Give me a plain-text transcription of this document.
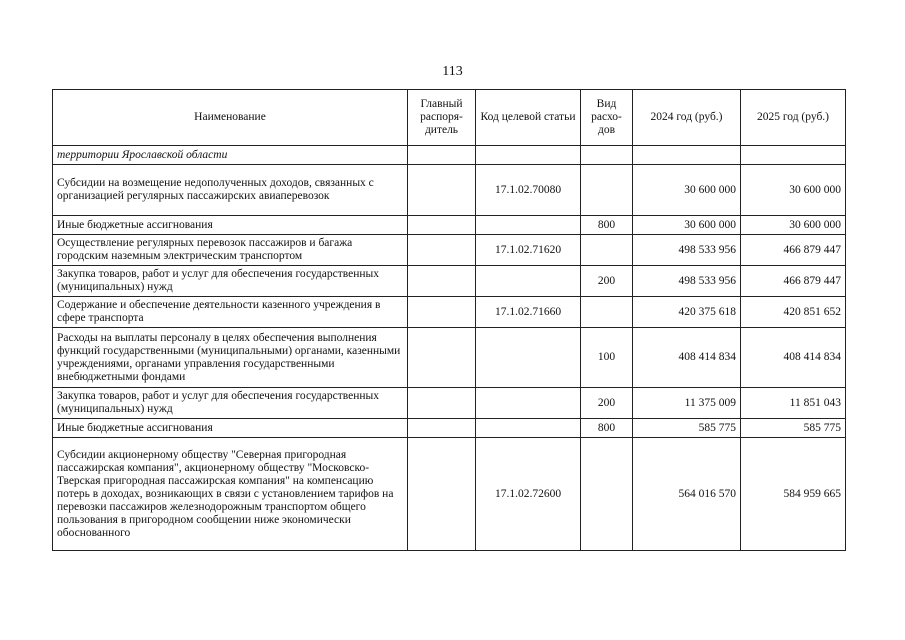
113
Наименование	Главный распоря-дитель	Код целевой статьи	Вид расхо-дов	2024 год (руб.)	2025 год (руб.)
территории Ярославской области					
Субсидии на возмещение недополученных доходов, связанных с организацией регулярных пассажирских авиаперевозок		17.1.02.70080		30 600 000	30 600 000
Иные бюджетные ассигнования			800	30 600 000	30 600 000
Осуществление регулярных перевозок пассажиров и багажа городским наземным электрическим транспортом		17.1.02.71620		498 533 956	466 879 447
Закупка товаров, работ и услуг для обеспечения государственных (муниципальных) нужд			200	498 533 956	466 879 447
Содержание и обеспечение деятельности казенного учреждения в сфере транспорта		17.1.02.71660		420 375 618	420 851 652
Расходы на выплаты персоналу в целях обеспечения выполнения функций государственными (муниципальными) органами, казенными учреждениями, органами управления государственными внебюджетными фондами			100	408 414 834	408 414 834
Закупка товаров, работ и услуг для обеспечения государственных (муниципальных) нужд			200	11 375 009	11 851 043
Иные бюджетные ассигнования			800	585 775	585 775
Субсидии акционерному обществу "Северная пригородная пассажирская компания", акционерному обществу "Московско-Тверская пригородная пассажирская компания" на компенсацию потерь в доходах, возникающих в связи с установлением тарифов на перевозки пассажиров железнодорожным транспортом общего пользования в пригородном сообщении ниже экономически обоснованного		17.1.02.72600		564 016 570	584 959 665
